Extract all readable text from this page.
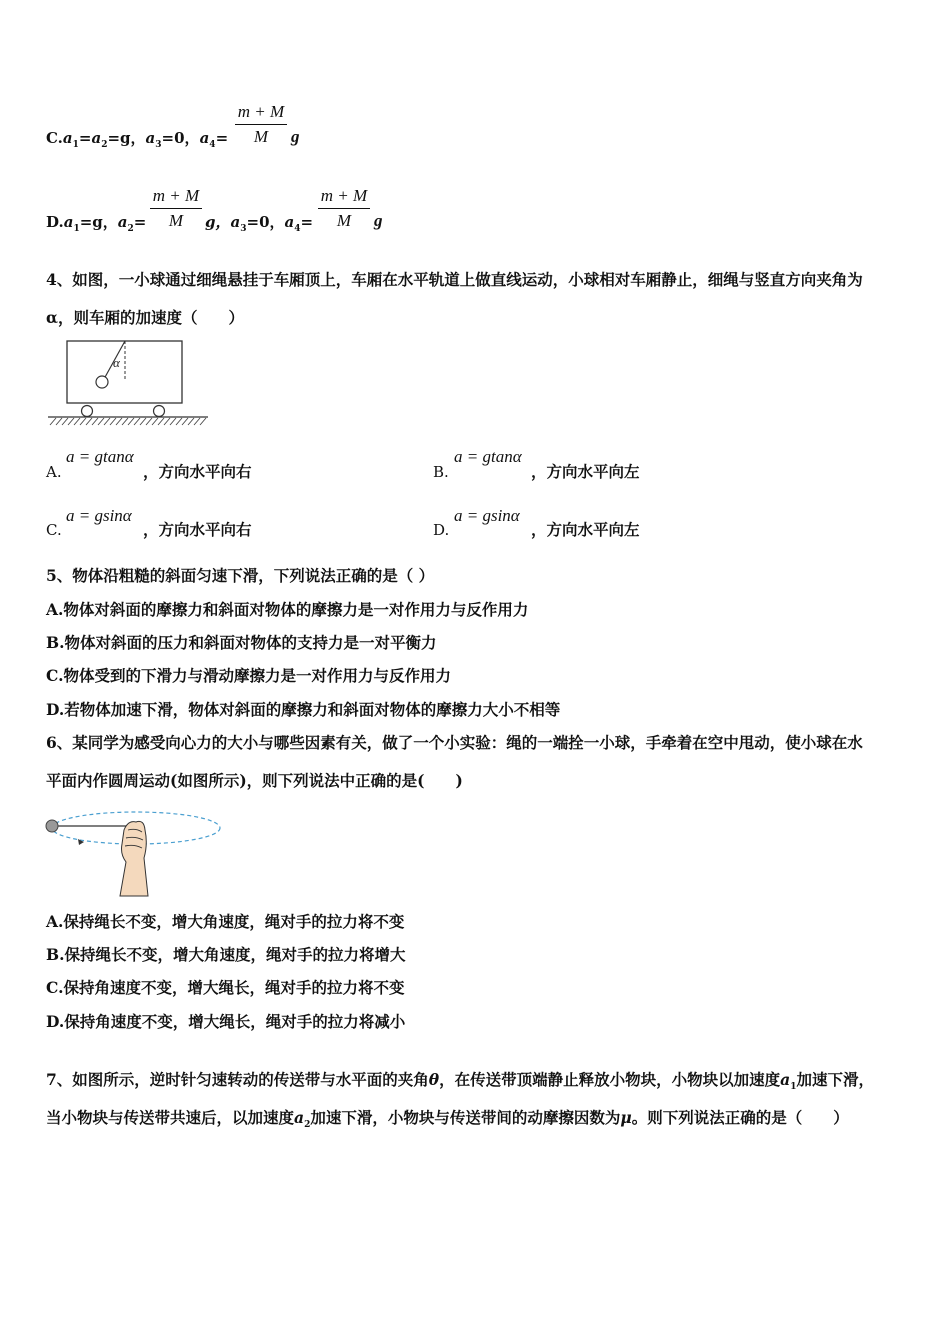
$C.a_1=a_2=g$，$a_3=0$，$a_4=$
m + M
M	g
$D.a_1=g$，$a_2=$
m + M
M	g，$a_3=0$，$a_4=$
m + M
M	g
4、如图，一小球通过细绳悬挂于车厢顶上，车厢在水平轨道上做直线运动，小球相对车厢静止，细绳与竖直方向夹角为
α，则车厢的加速度（　　）
α
A.
a = gtanα
，方向水平向右	B.
a = gtanα
，方向水平向左
C.
a = gsinα
，方向水平向右	D.
a = gsinα
，方向水平向左
5、物体沿粗糙的斜面匀速下滑，下列说法正确的是（ ）
A.物体对斜面的摩擦力和斜面对物体的摩擦力是一对作用力与反作用力
B.物体对斜面的压力和斜面对物体的支持力是一对平衡力
C.物体受到的下滑力与滑动摩擦力是一对作用力与反作用力
D.若物体加速下滑，物体对斜面的摩擦力和斜面对物体的摩擦力大小不相等
6、某同学为感受向心力的大小与哪些因素有关，做了一个小实验：绳的一端拴一小球，手牵着在空中甩动，使小球在水
平面内作圆周运动(如图所示)，则下列说法中正确的是(　　)
A.保持绳长不变，增大角速度，绳对手的拉力将不变
B.保持绳长不变，增大角速度，绳对手的拉力将增大
C.保持角速度不变，增大绳长，绳对手的拉力将不变
D.保持角速度不变，增大绳长，绳对手的拉力将减小
7、如图所示，逆时针匀速转动的传送带与水平面的夹角θ，在传送带顶端静止释放小物块，小物块以加速度$a_1$加速下滑，
当小物块与传送带共速后，以加速度$a_2$加速下滑，小物块与传送带间的动摩擦因数为μ。则下列说法正确的是（　　）
